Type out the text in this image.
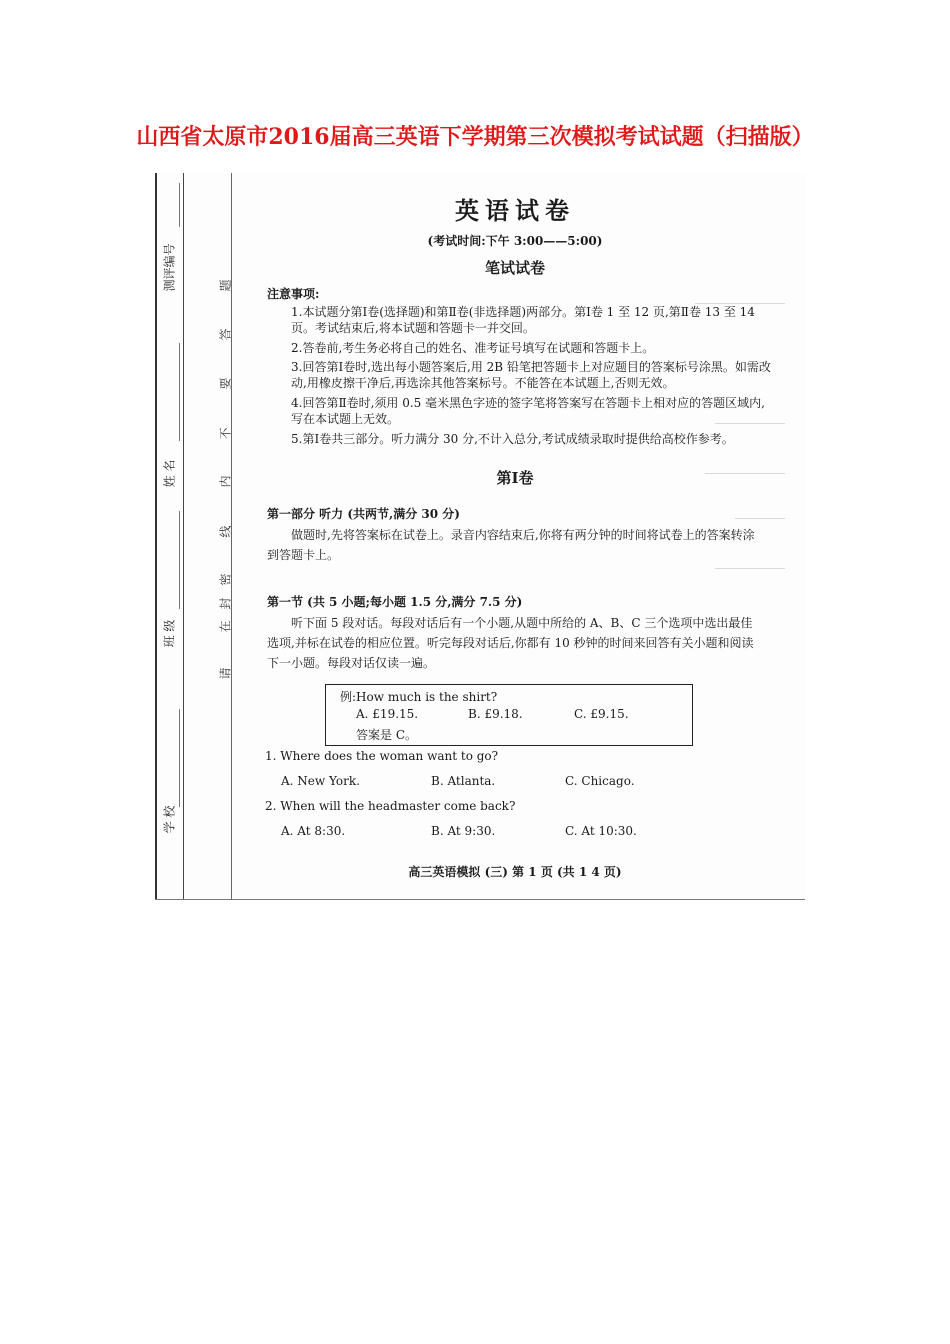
山西省太原市2016届高三英语下学期第三次模拟考试试题（扫描版）
测评编号
姓 名
班 级
学 校
请
在
密
线
内
不
要
答
题
封
英语试卷
(考试时间:下午 3:00——5:00)
笔试试卷
注意事项:
1.本试题分第Ⅰ卷(选择题)和第Ⅱ卷(非选择题)两部分。第Ⅰ卷 1 至 12 页,第Ⅱ卷 13 至 14 页。考试结束后,将本试题和答题卡一并交回。
2.答卷前,考生务必将自己的姓名、准考证号填写在试题和答题卡上。
3.回答第Ⅰ卷时,选出每小题答案后,用 2B 铅笔把答题卡上对应题目的答案标号涂黑。如需改动,用橡皮擦干净后,再选涂其他答案标号。不能答在本试题上,否则无效。
4.回答第Ⅱ卷时,须用 0.5 毫米黑色字迹的签字笔将答案写在答题卡上相对应的答题区域内,写在本试题上无效。
5.第Ⅰ卷共三部分。听力满分 30 分,不计入总分,考试成绩录取时提供给高校作参考。
第Ⅰ卷
第一部分 听力 (共两节,满分 30 分)
做题时,先将答案标在试卷上。录音内容结束后,你将有两分钟的时间将试卷上的答案转涂到答题卡上。
第一节 (共 5 小题;每小题 1.5 分,满分 7.5 分)
听下面 5 段对话。每段对话后有一个小题,从题中所给的 A、B、C 三个选项中选出最佳选项,并标在试卷的相应位置。听完每段对话后,你都有 10 秒钟的时间来回答有关小题和阅读下一小题。每段对话仅读一遍。
例:How much is the shirt?
A. £19.15.	B. £9.18.	C. £9.15.
答案是 C。
1. Where does the woman want to go?
A. New York.	B. Atlanta.	C. Chicago.
2. When will the headmaster come back?
A. At 8:30.	B. At 9:30.	C. At 10:30.
高三英语模拟 (三) 第 1 页 (共 1 4 页)
